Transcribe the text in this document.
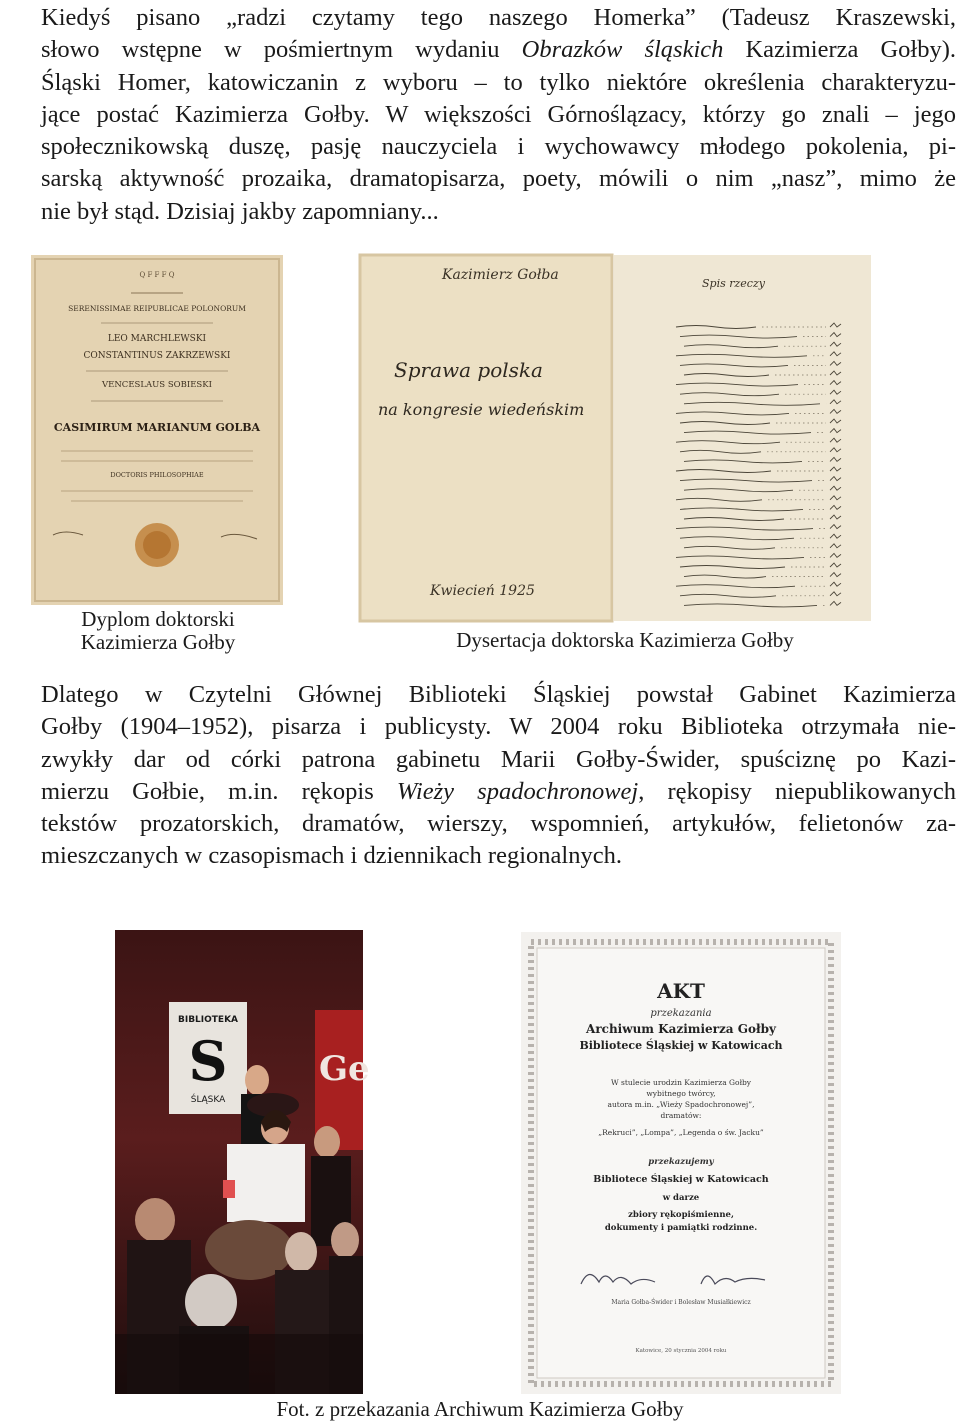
Kiedyś pisano „radzi czytamy tego naszego Homerka” (Tadeusz Kraszewski,
słowo wstępne w pośmiertnym wydaniu Obrazków śląskich Kazimierza Gołby).
Śląski Homer, katowiczanin z wyboru – to tylko niektóre określenia charakteryzu-
jące postać Kazimierza Gołby. W większości Górnoślązacy, którzy go znali – jego
społecznikowską duszę, pasję nauczyciela i wychowawcy młodego pokolenia, pi-
sarską aktywność prozaika, dramatopisarza, poety, mówili o nim „nasz”, mimo że
nie był stąd. Dzisiaj jakby zapomniany...
Q F F F Q
SERENISSIMAE REIPUBLICAE POLONORUM
LEO MARCHLEWSKI
CONSTANTINUS ZAKRZEWSKI
VENCESLAUS SOBIESKI
CASIMIRUM MARIANUM GOLBA
DOCTORIS PHILOSOPHIAE
Kazimierz Gołba
Sprawa polska
na kongresie wiedeńskim
Kwiecień 1925
Spis rzeczy
Dyplom doktorski
Kazimierza Gołby	Dysertacja doktorska Kazimierza Gołby
Dlatego w Czytelni Głównej Biblioteki Śląskiej powstał Gabinet Kazimierza
Gołby (1904–1952), pisarza i publicysty. W 2004 roku Biblioteka otrzymała nie-
zwykły dar od córki patrona gabinetu Marii Gołby-Świder, spuściznę po Kazi-
mierzu Gołbie, m.in. rękopis Wieży spadochronowej, rękopisy niepublikowanych
tekstów prozatorskich, dramatów, wierszy, wspomnień, artykułów, felietonów za-
mieszczanych w czasopismach i dziennikach regionalnych.
Ge
BIBLIOTEKA
S
ŚLĄSKA
AKT
przekazania
Archiwum Kazimierza Gołby
Bibliotece Śląskiej w Katowicach
W stulecie urodzin Kazimierza Gołby
wybitnego twórcy,
autora m.in. „Wieży Spadochronowej”,
dramatów:
„Rekruci”, „Lompa”, „Legenda o św. Jacku”
przekazujemy
Bibliotece Śląskiej w Katowicach
w darze
zbiory rękopiśmienne,
dokumenty i pamiątki rodzinne.
Maria Gołba-Świder i Bolesław Musiałkiewicz
Katowice, 20 stycznia 2004 roku
Fot. z przekazania Archiwum Kazimierza Gołby
